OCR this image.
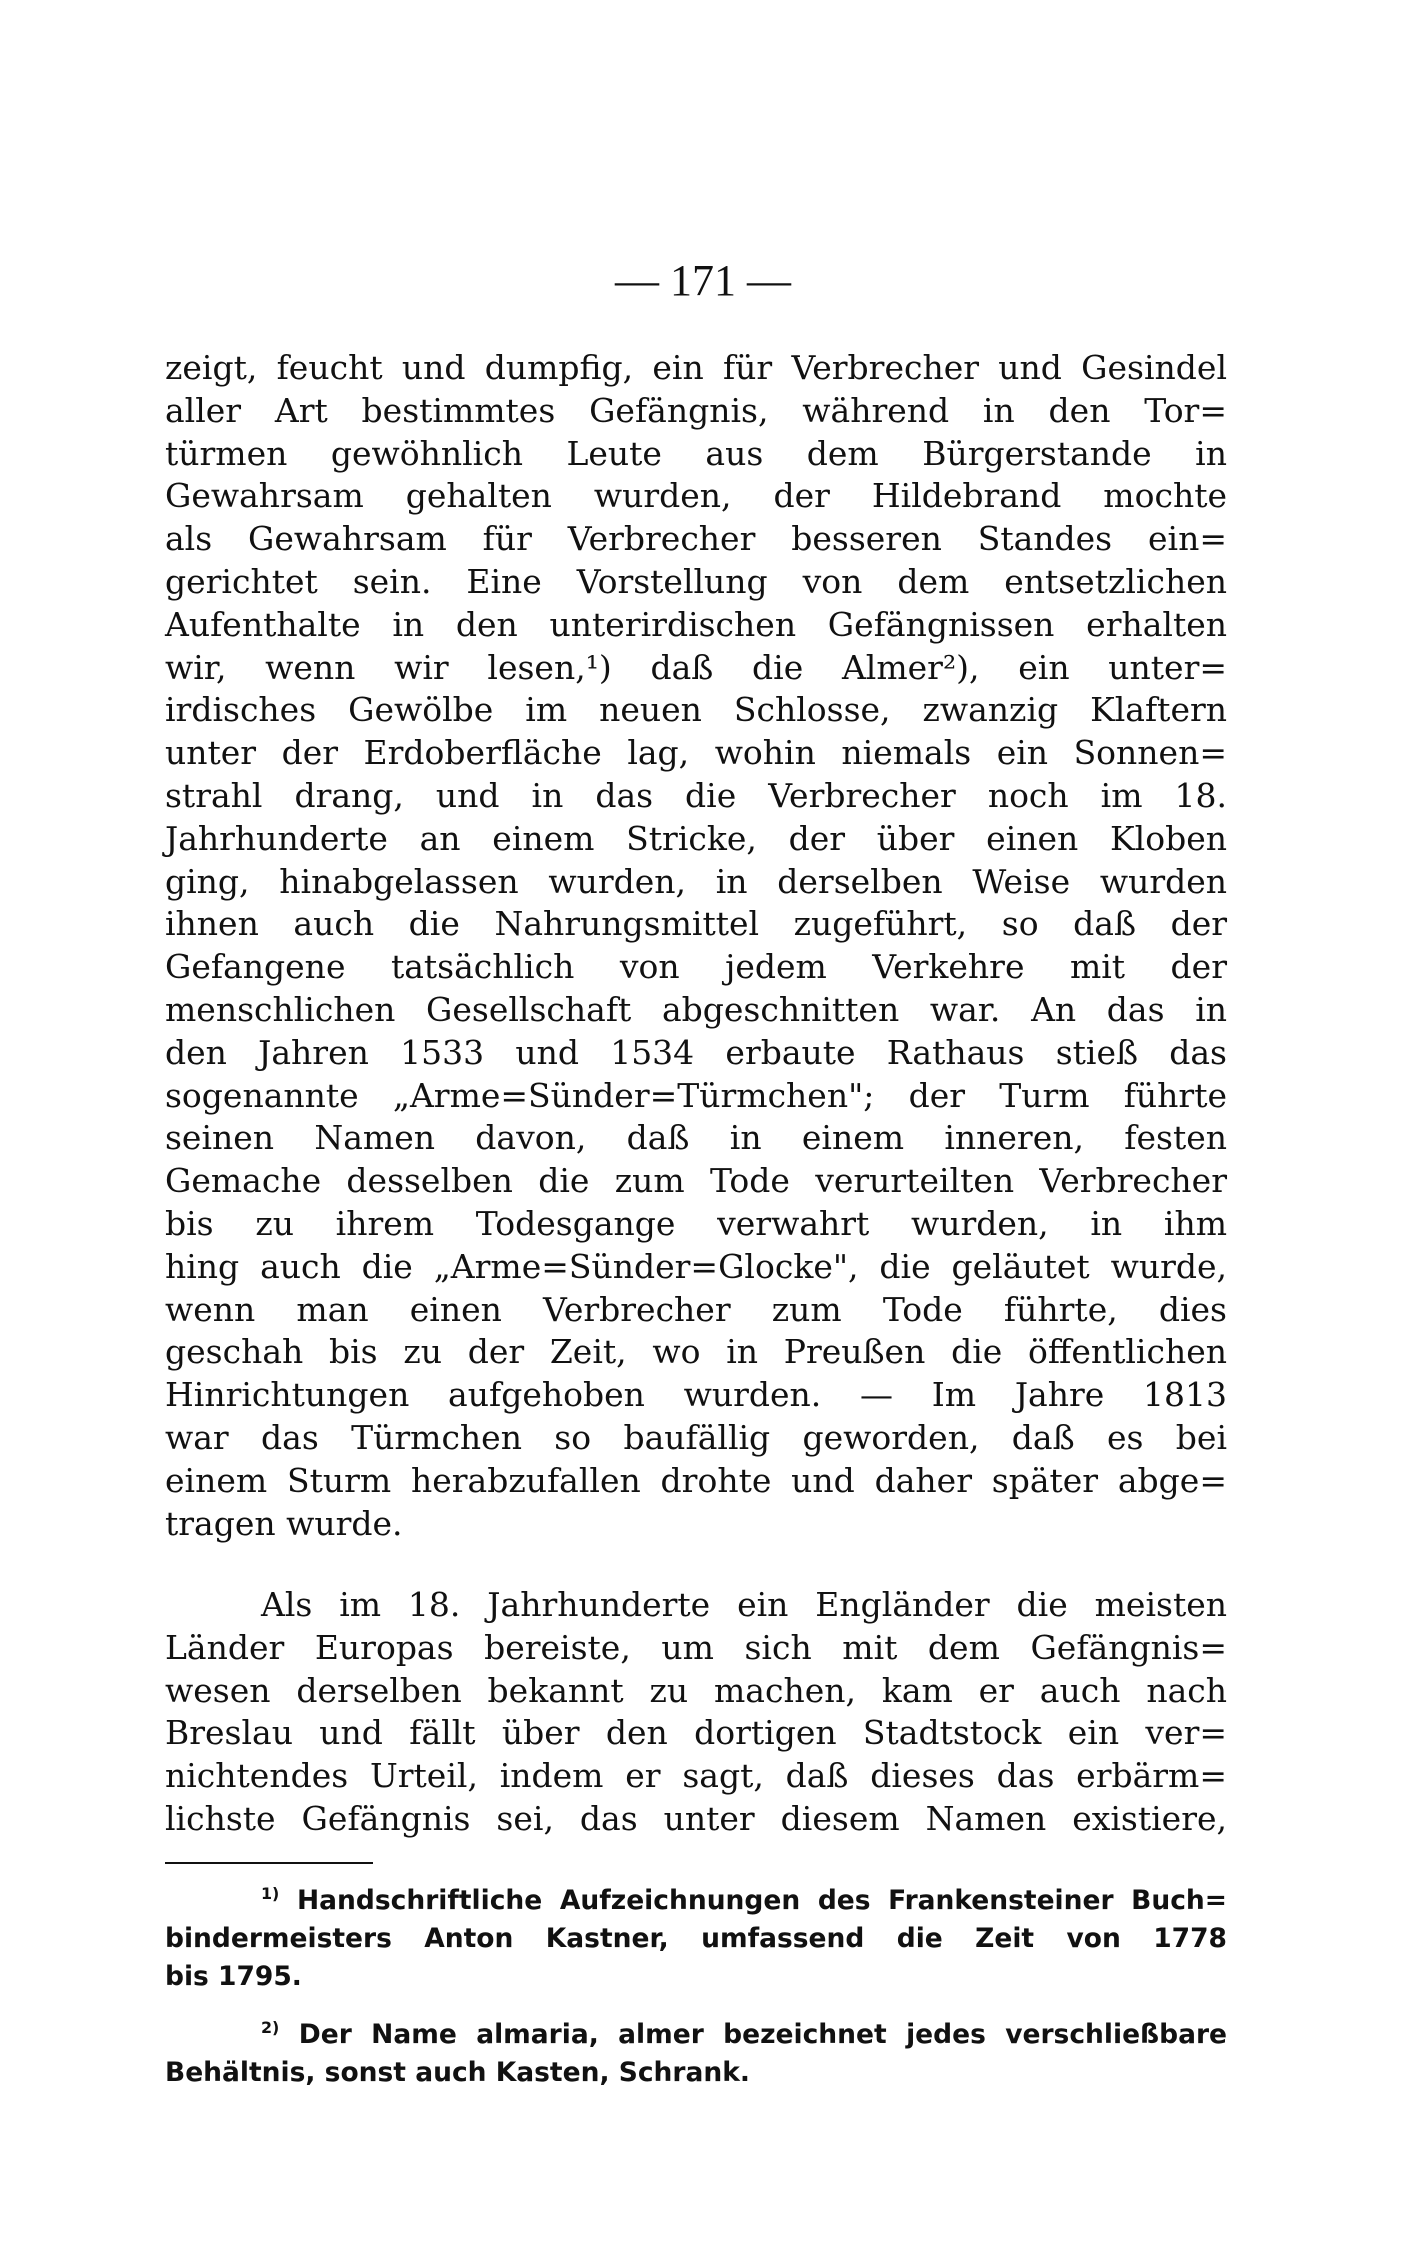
— 171 —

zeigt, feucht und dumpfig, ein für Verbrecher und Gesindel
aller Art bestimmtes Gefängnis, während in den Tor=
türmen gewöhnlich Leute aus dem Bürgerstande in
Gewahrsam gehalten wurden, der Hildebrand mochte
als Gewahrsam für Verbrecher besseren Standes ein=
gerichtet sein. Eine Vorstellung von dem entsetzlichen
Aufenthalte in den unterirdischen Gefängnissen erhalten
wir, wenn wir lesen,¹) daß die Almer²), ein unter=
irdisches Gewölbe im neuen Schlosse, zwanzig Klaftern
unter der Erdoberfläche lag, wohin niemals ein Sonnen=
strahl drang, und in das die Verbrecher noch im 18.
Jahrhunderte an einem Stricke, der über einen Kloben
ging, hinabgelassen wurden, in derselben Weise wurden
ihnen auch die Nahrungsmittel zugeführt, so daß der
Gefangene tatsächlich von jedem Verkehre mit der
menschlichen Gesellschaft abgeschnitten war. An das in
den Jahren 1533 und 1534 erbaute Rathaus stieß das
sogenannte „Arme=Sünder=Türmchen"; der Turm führte
seinen Namen davon, daß in einem inneren, festen
Gemache desselben die zum Tode verurteilten Verbrecher
bis zu ihrem Todesgange verwahrt wurden, in ihm
hing auch die „Arme=Sünder=Glocke", die geläutet wurde,
wenn man einen Verbrecher zum Tode führte, dies
geschah bis zu der Zeit, wo in Preußen die öffentlichen
Hinrichtungen aufgehoben wurden. — Im Jahre 1813
war das Türmchen so baufällig geworden, daß es bei
einem Sturm herabzufallen drohte und daher später abge=
tragen wurde.
Als im 18. Jahrhunderte ein Engländer die meisten
Länder Europas bereiste, um sich mit dem Gefängnis=
wesen derselben bekannt zu machen, kam er auch nach
Breslau und fällt über den dortigen Stadtstock ein ver=
nichtendes Urteil, indem er sagt, daß dieses das erbärm=
lichste Gefängnis sei, das unter diesem Namen existiere,
$^{1)}$ Handschriftliche Aufzeichnungen des Frankensteiner Buch=
bindermeisters Anton Kastner, umfassend die Zeit von 1778
bis 1795.
$^{2)}$ Der Name almaria, almer bezeichnet jedes verschließbare
Behältnis, sonst auch Kasten, Schrank.
